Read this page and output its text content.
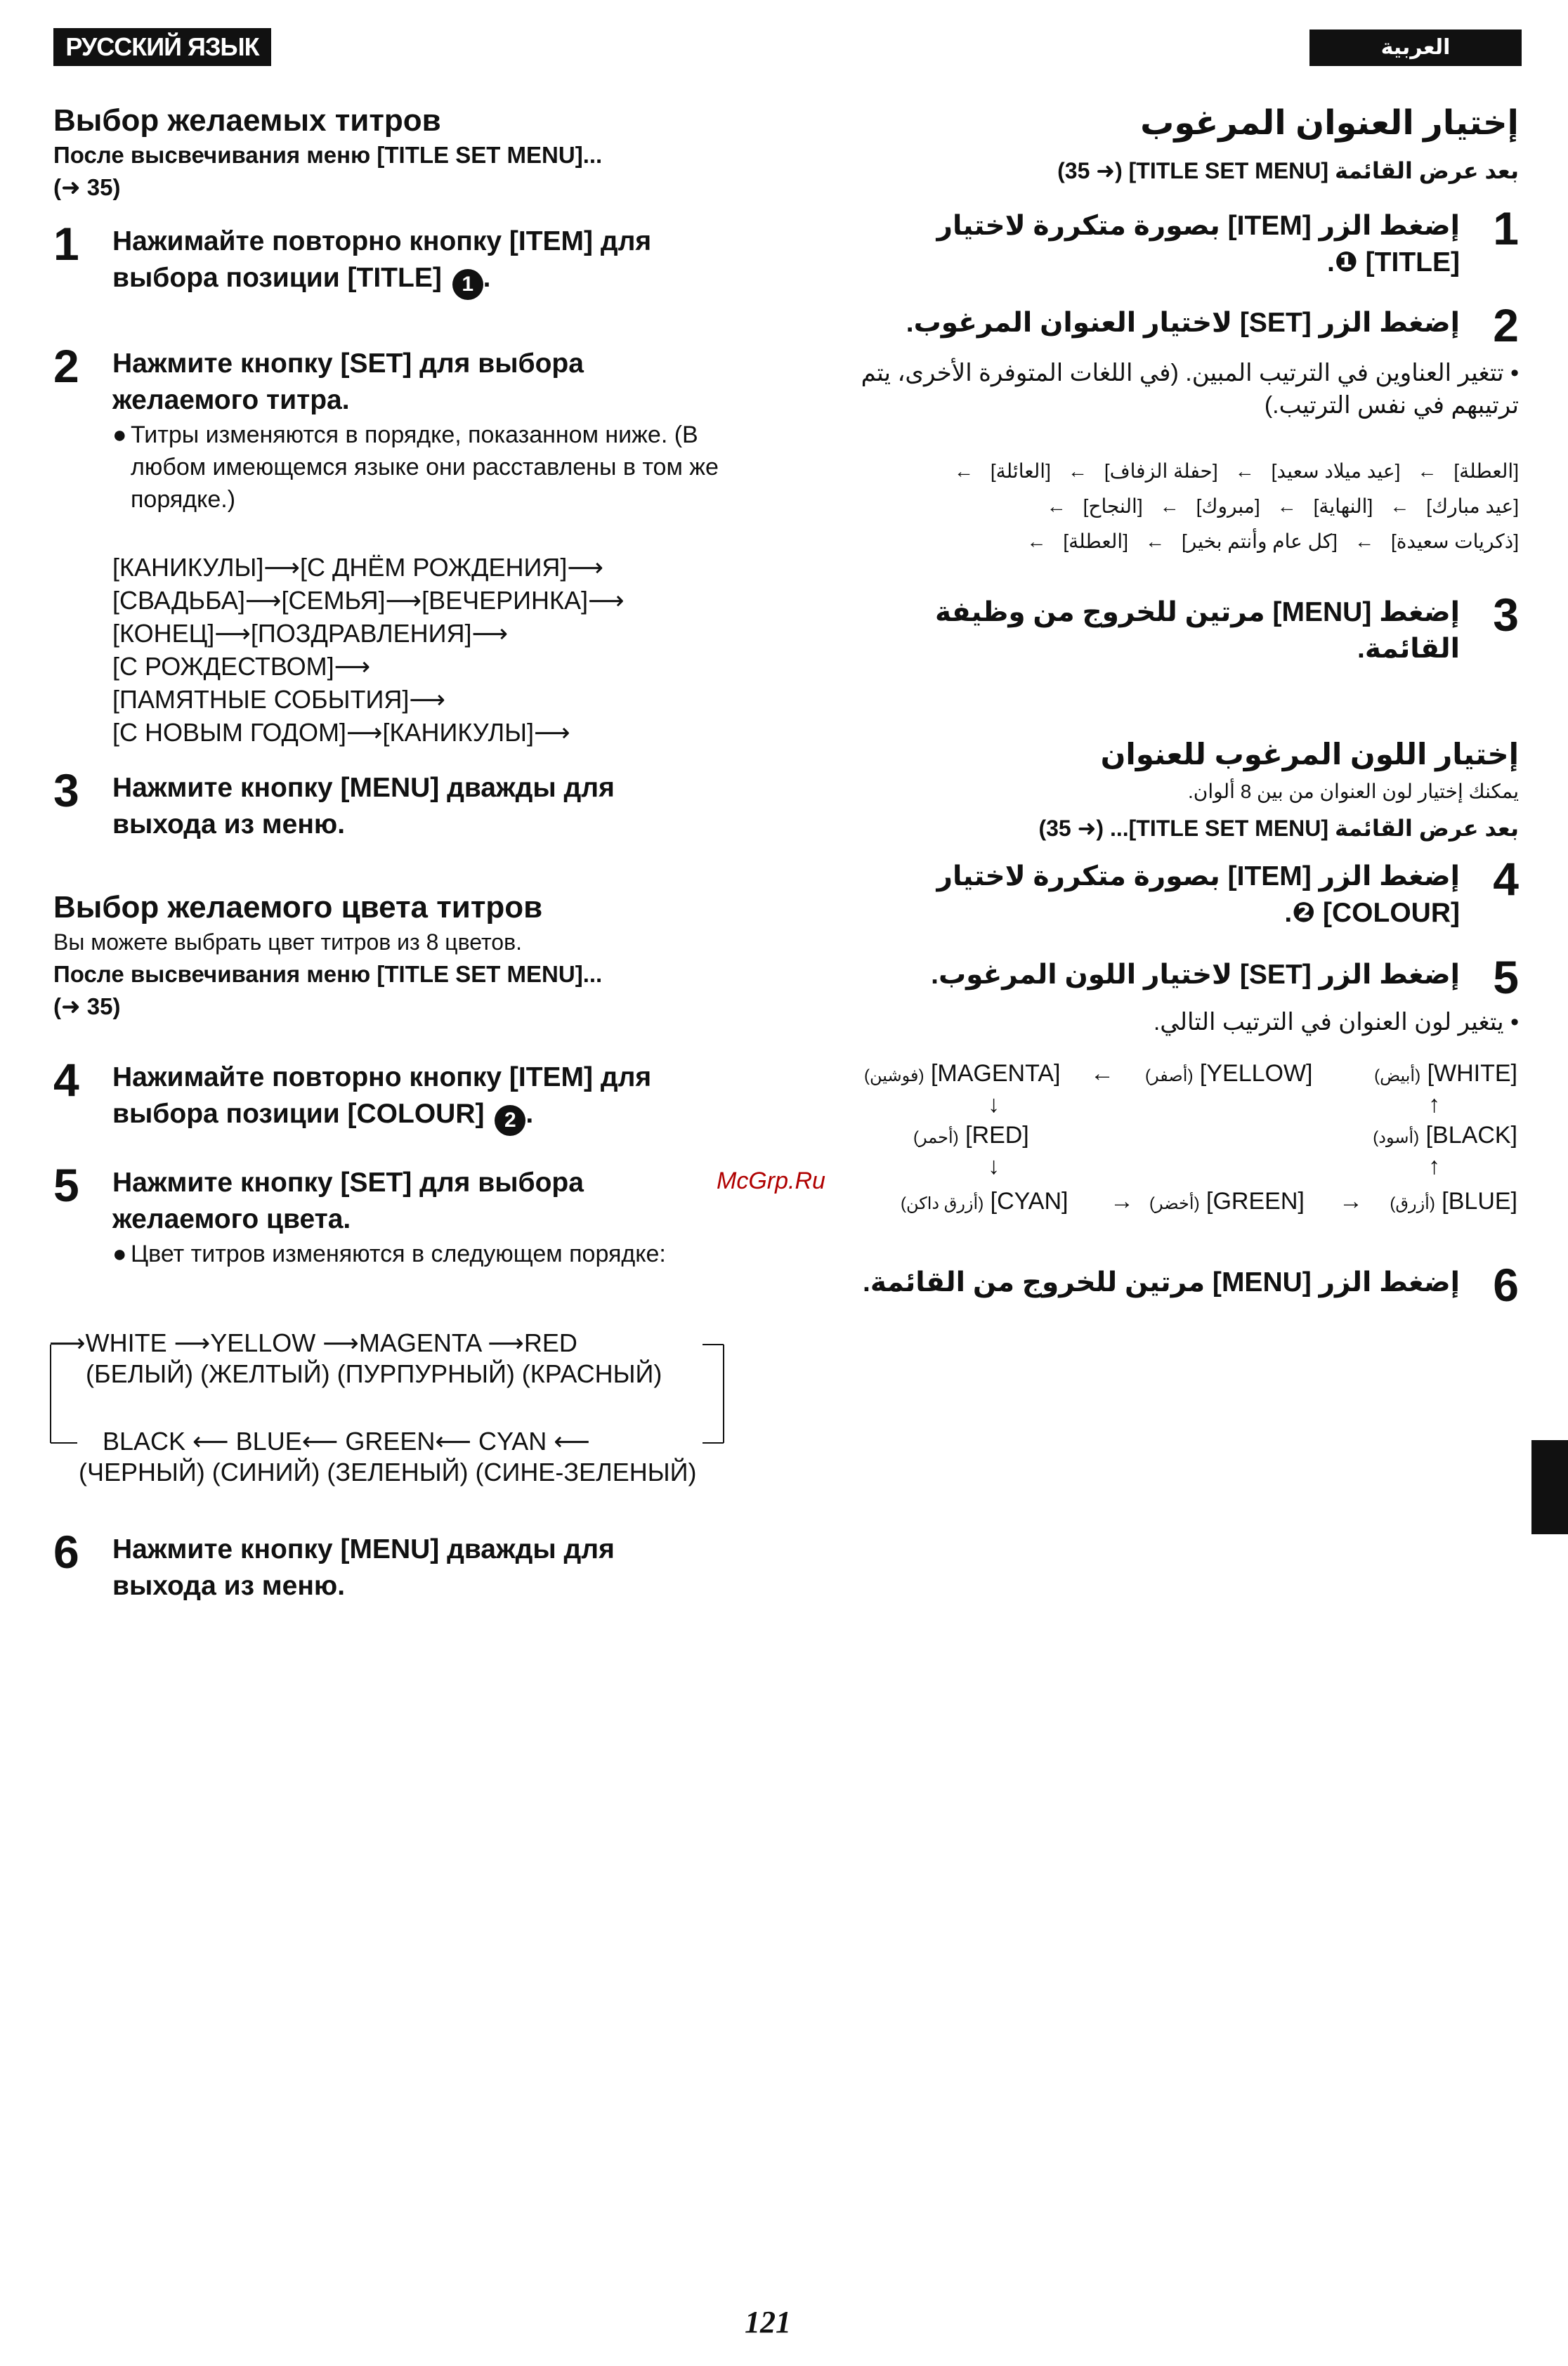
РУССКИЙ ЯЗЫК	العربية
Выбор желаемых титров
После высвечивания меню [TITLE SET MENU]...
(➜ 35)
1	Нажимайте повторно кнопку [ITEM] для выбора позиции [TITLE] 1 .
2	Нажмите кнопку [SET] для выбора желаемого титра.
● Титры изменяются в порядке, показанном ниже. (В любом имеющемся языке они расставлены в том же порядке.)
[КАНИКУЛЫ]⟶[С ДНЁМ РОЖДЕНИЯ]⟶
[СВАДЬБА]⟶[СЕМЬЯ]⟶[ВЕЧЕРИНКА]⟶
[КОНЕЦ]⟶[ПОЗДРАВЛЕНИЯ]⟶
[С РОЖДЕСТВОМ]⟶
[ПАМЯТНЫЕ СОБЫТИЯ]⟶
[С НОВЫМ ГОДОМ]⟶[КАНИКУЛЫ]⟶
3	Нажмите кнопку [MENU] дважды для выхода из меню.
Выбор желаемого цвета титров
Вы можете выбрать цвет титров из 8 цветов.
После высвечивания меню [TITLE SET MENU]...
(➜ 35)
4	Нажимайте повторно кнопку [ITEM] для выбора позиции [COLOUR] 2 .
5	Нажмите кнопку [SET] для выбора желаемого цвета.
● Цвет титров изменяются в следующем порядке:
⟶WHITE ⟶YELLOW ⟶MAGENTA ⟶RED
(БЕЛЫЙ) (ЖЕЛТЫЙ) (ПУРПУРНЫЙ) (КРАСНЫЙ)
BLACK ⟵ BLUE⟵ GREEN⟵ CYAN ⟵
(ЧЕРНЫЙ) (СИНИЙ) (ЗЕЛЕНЫЙ) (СИНЕ-ЗЕЛЕНЫЙ)
6	Нажмите кнопку [MENU] дважды для выхода из меню.
إختيار العنوان المرغوب
بعد عرض القائمة [TITLE SET MENU] (➜ 35)
1
إضغط الزر [ITEM] بصورة متكررة لاختيار [TITLE] ❶.
2
إضغط الزر [SET] لاختيار العنوان المرغوب.
• تتغير العناوين في الترتيب المبين. (في اللغات المتوفرة الأخرى، يتم ترتيبهم في نفس الترتيب.)
[العطلة]←[عيد ميلاد سعيد]←[حفلة الزفاف]←[العائلة]←
[عيد مبارك]←[النهاية]←[مبروك]←[النجاح]←
[ذكريات سعيدة]←[كل عام وأنتم بخير]←[العطلة]←
3
إضغط [MENU] مرتين للخروج من وظيفة القائمة.
إختيار اللون المرغوب للعنوان
يمكنك إختيار لون العنوان من بين 8 ألوان.
بعد عرض القائمة [TITLE SET MENU]... (➜ 35)
4
إضغط الزر [ITEM] بصورة متكررة لاختيار [COLOUR] ❷.
5
إضغط الزر [SET] لاختيار اللون المرغوب.
• يتغير لون العنوان في الترتيب التالي.
(أبيض) [WHITE]
← (أصفر) [YELLOW]
(فوشين) [MAGENTA]
↓	↑
(أحمر) [RED]	(أسود) [BLACK]
↓	↑
(أزرق داكن) [CYAN] → (أخضر) [GREEN] → (أزرق) [BLUE]
6
إضغط الزر [MENU] مرتين للخروج من القائمة.
McGrp.Ru
121
